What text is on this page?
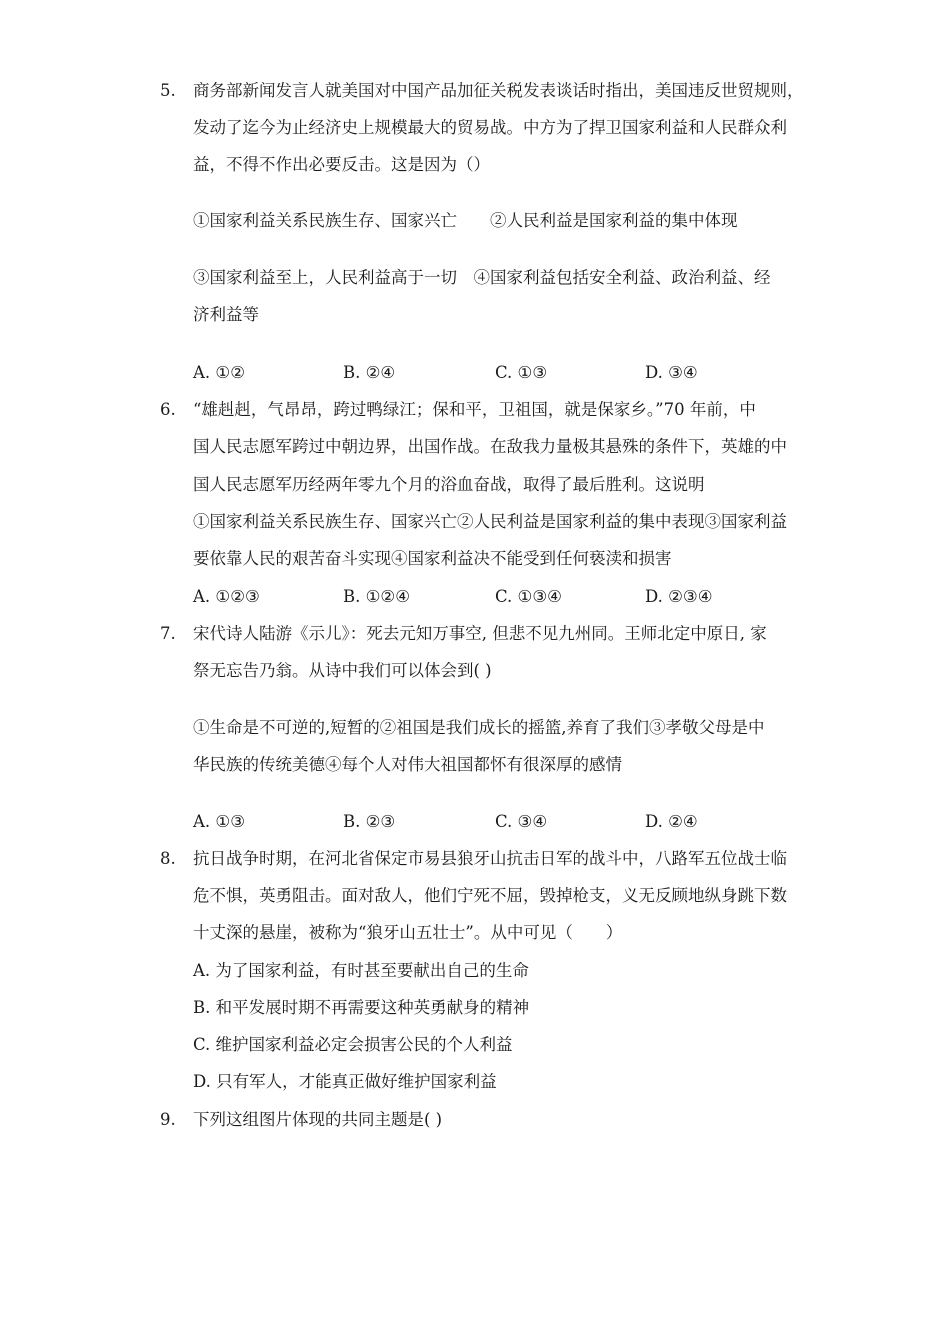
5. 商务部新闻发言人就美国对中国产品加征关税发表谈话时指出，美国违反世贸规则，
发动了迄今为止经济史上规模最大的贸易战。中方为了捍卫国家利益和人民群众利
益，不得不作出必要反击。这是因为（）
①国家利益关系民族生存、国家兴亡　　②人民利益是国家利益的集中体现
③国家利益至上，人民利益高于一切　④国家利益包括安全利益、政治利益、经
济利益等
A. ①②	B. ②④	C. ①③	D. ③④
6. “雄赳赳，气昂昂，跨过鸭绿江；保和平，卫祖国，就是保家乡。”70 年前，中
国人民志愿军跨过中朝边界，出国作战。在敌我力量极其悬殊的条件下，英雄的中
国人民志愿军历经两年零九个月的浴血奋战，取得了最后胜利。这说明
①国家利益关系民族生存、国家兴亡②人民利益是国家利益的集中表现③国家利益
要依靠人民的艰苦奋斗实现④国家利益决不能受到任何亵渎和损害
A. ①②③	B. ①②④	C. ①③④	D. ②③④
7. 宋代诗人陆游《示儿》：死去元知万事空, 但悲不见九州同。王师北定中原日, 家
祭无忘告乃翁。从诗中我们可以体会到( )
①生命是不可逆的,短暂的②祖国是我们成长的摇篮,养育了我们③孝敬父母是中
华民族的传统美德④每个人对伟大祖国都怀有很深厚的感情
A. ①③	B. ②③	C. ③④	D. ②④
8. 抗日战争时期，在河北省保定市易县狼牙山抗击日军的战斗中，八路军五位战士临
危不惧，英勇阻击。面对敌人，他们宁死不屈，毁掉枪支，义无反顾地纵身跳下数
十丈深的悬崖，被称为“狼牙山五壮士”。从中可见（　　）
A. 为了国家利益，有时甚至要献出自己的生命
B. 和平发展时期不再需要这种英勇献身的精神
C. 维护国家利益必定会损害公民的个人利益
D. 只有军人，才能真正做好维护国家利益
9. 下列这组图片体现的共同主题是( )
